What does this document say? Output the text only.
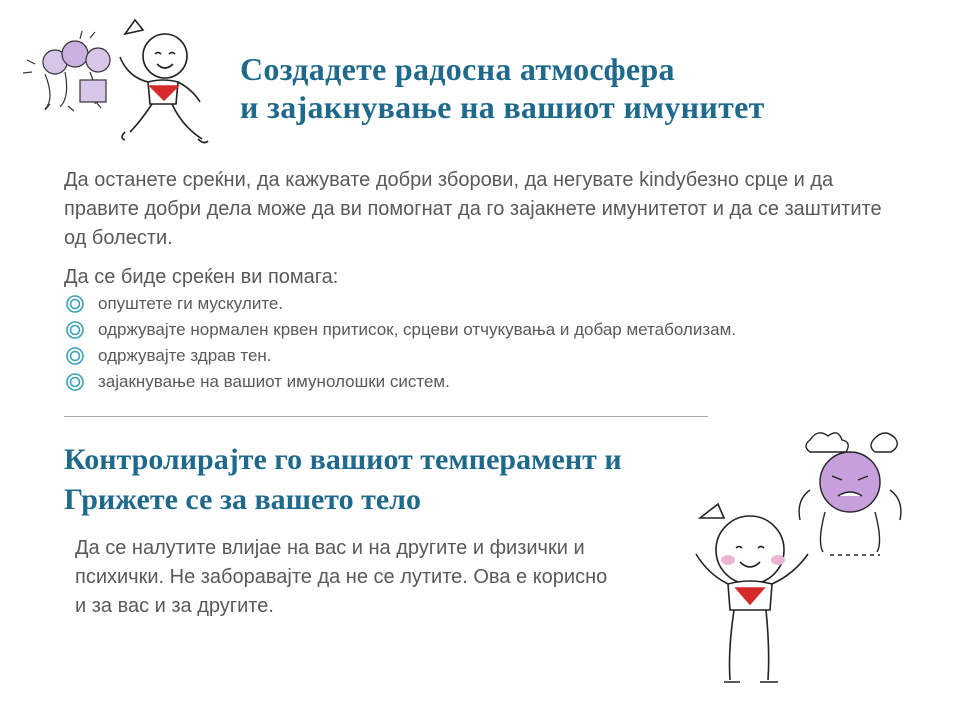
Создадете радосна атмосфера
и зајакнување на вашиот имунитет

Да останете среќни, да кажувате добри зборови, да негувате kindyбезно срце и да правите добри дела може да ви помогнат да го зајакнете имунитетот и да се заштитите од болести.

Да се биде среќен ви помага:

опуштете ги мускулите.
одржувајте нормален крвен притисок, срцеви отчукувања и добар метаболизам.
одржувајте здрав тен.
зајакнување на вашиот имунолошки систем.
Контролирајте го вашиот темперамент и
Грижете се за вашето тело

Да се налутите влијае на вас и на другите и физички и психички. Не заборавајте да не се лутите. Ова е корисно и за вас и за другите.
